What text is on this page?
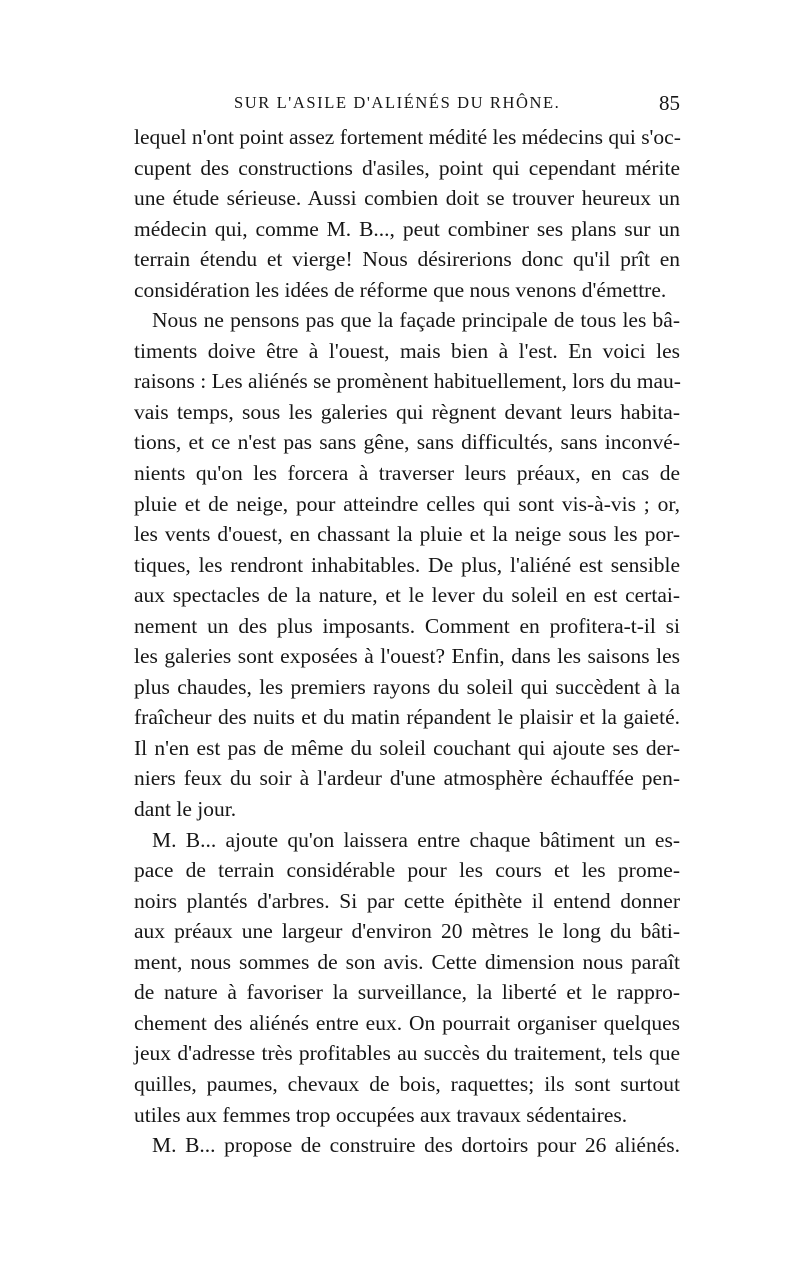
SUR L'ASILE D'ALIÉNÉS DU RHÔNE.	85
lequel n'ont point assez fortement médité les médecins qui s'oc-
cupent des constructions d'asiles, point qui cependant mérite
une étude sérieuse. Aussi combien doit se trouver heureux un
médecin qui, comme M. B..., peut combiner ses plans sur un
terrain étendu et vierge! Nous désirerions donc qu'il prît en
considération les idées de réforme que nous venons d'émettre.
Nous ne pensons pas que la façade principale de tous les bâ-
timents doive être à l'ouest, mais bien à l'est. En voici les
raisons : Les aliénés se promènent habituellement, lors du mau-
vais temps, sous les galeries qui règnent devant leurs habita-
tions, et ce n'est pas sans gêne, sans difficultés, sans inconvé-
nients qu'on les forcera à traverser leurs préaux, en cas de
pluie et de neige, pour atteindre celles qui sont vis-à-vis ; or,
les vents d'ouest, en chassant la pluie et la neige sous les por-
tiques, les rendront inhabitables. De plus, l'aliéné est sensible
aux spectacles de la nature, et le lever du soleil en est certai-
nement un des plus imposants. Comment en profitera-t-il si
les galeries sont exposées à l'ouest? Enfin, dans les saisons les
plus chaudes, les premiers rayons du soleil qui succèdent à la
fraîcheur des nuits et du matin répandent le plaisir et la gaieté.
Il n'en est pas de même du soleil couchant qui ajoute ses der-
niers feux du soir à l'ardeur d'une atmosphère échauffée pen-
dant le jour.
M. B... ajoute qu'on laissera entre chaque bâtiment un es-
pace de terrain considérable pour les cours et les prome-
noirs plantés d'arbres. Si par cette épithète il entend donner
aux préaux une largeur d'environ 20 mètres le long du bâti-
ment, nous sommes de son avis. Cette dimension nous paraît
de nature à favoriser la surveillance, la liberté et le rappro-
chement des aliénés entre eux. On pourrait organiser quelques
jeux d'adresse très profitables au succès du traitement, tels que
quilles, paumes, chevaux de bois, raquettes; ils sont surtout
utiles aux femmes trop occupées aux travaux sédentaires.
M. B... propose de construire des dortoirs pour 26 aliénés.
